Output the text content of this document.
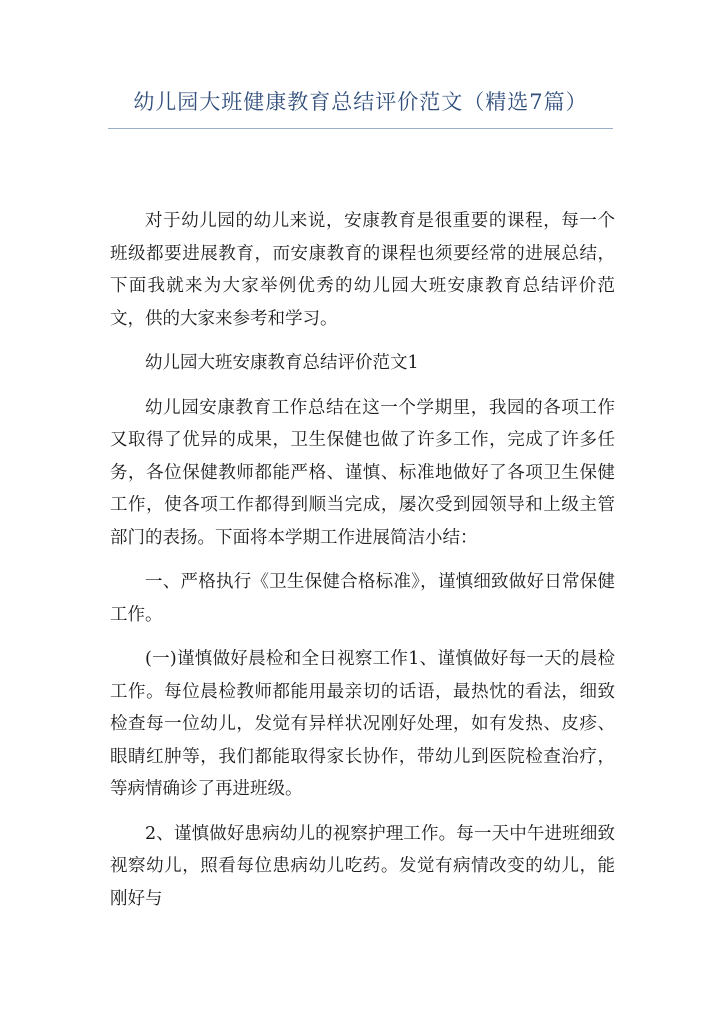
幼儿园大班健康教育总结评价范文（精选7篇）

对于幼儿园的幼儿来说，安康教育是很重要的课程，每一个班级都要进展教育，而安康教育的课程也须要经常的进展总结，下面我就来为大家举例优秀的幼儿园大班安康教育总结评价范文，供的大家来参考和学习。

幼儿园大班安康教育总结评价范文1

幼儿园安康教育工作总结在这一个学期里，我园的各项工作又取得了优异的成果，卫生保健也做了许多工作，完成了许多任务，各位保健教师都能严格、谨慎、标准地做好了各项卫生保健工作，使各项工作都得到顺当完成，屡次受到园领导和上级主管部门的表扬。下面将本学期工作进展简洁小结：

一、严格执行《卫生保健合格标准》，谨慎细致做好日常保健工作。

(一)谨慎做好晨检和全日视察工作1、谨慎做好每一天的晨检工作。每位晨检教师都能用最亲切的话语，最热忱的看法，细致检查每一位幼儿，发觉有异样状况刚好处理，如有发热、皮疹、眼睛红肿等，我们都能取得家长协作，带幼儿到医院检查治疗，等病情确诊了再进班级。

2、谨慎做好患病幼儿的视察护理工作。每一天中午进班细致视察幼儿，照看每位患病幼儿吃药。发觉有病情改变的幼儿，能刚好与
